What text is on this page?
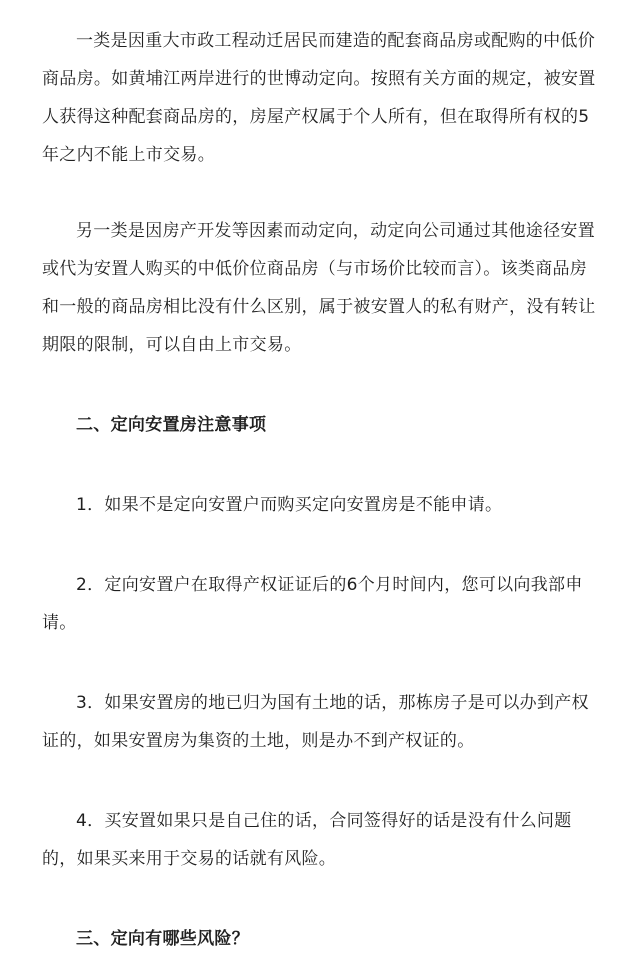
一类是因重大市政工程动迁居民而建造的配套商品房或配购的中低价商品房。如黄埔江两岸进行的世博动定向。按照有关方面的规定，被安置人获得这种配套商品房的，房屋产权属于个人所有，但在取得所有权的5年之内不能上市交易。

另一类是因房产开发等因素而动定向，动定向公司通过其他途径安置或代为安置人购买的中低价位商品房（与市场价比较而言）。该类商品房和一般的商品房相比没有什么区别，属于被安置人的私有财产，没有转让期限的限制，可以自由上市交易。

二、定向安置房注意事项

1．如果不是定向安置户而购买定向安置房是不能申请。

2．定向安置户在取得产权证证后的6个月时间内，您可以向我部申请。

3．如果安置房的地已归为国有土地的话，那栋房子是可以办到产权证的，如果安置房为集资的土地，则是办不到产权证的。

4．买安置如果只是自己住的话，合同签得好的话是没有什么问题的，如果买来用于交易的话就有风险。

三、定向有哪些风险？
